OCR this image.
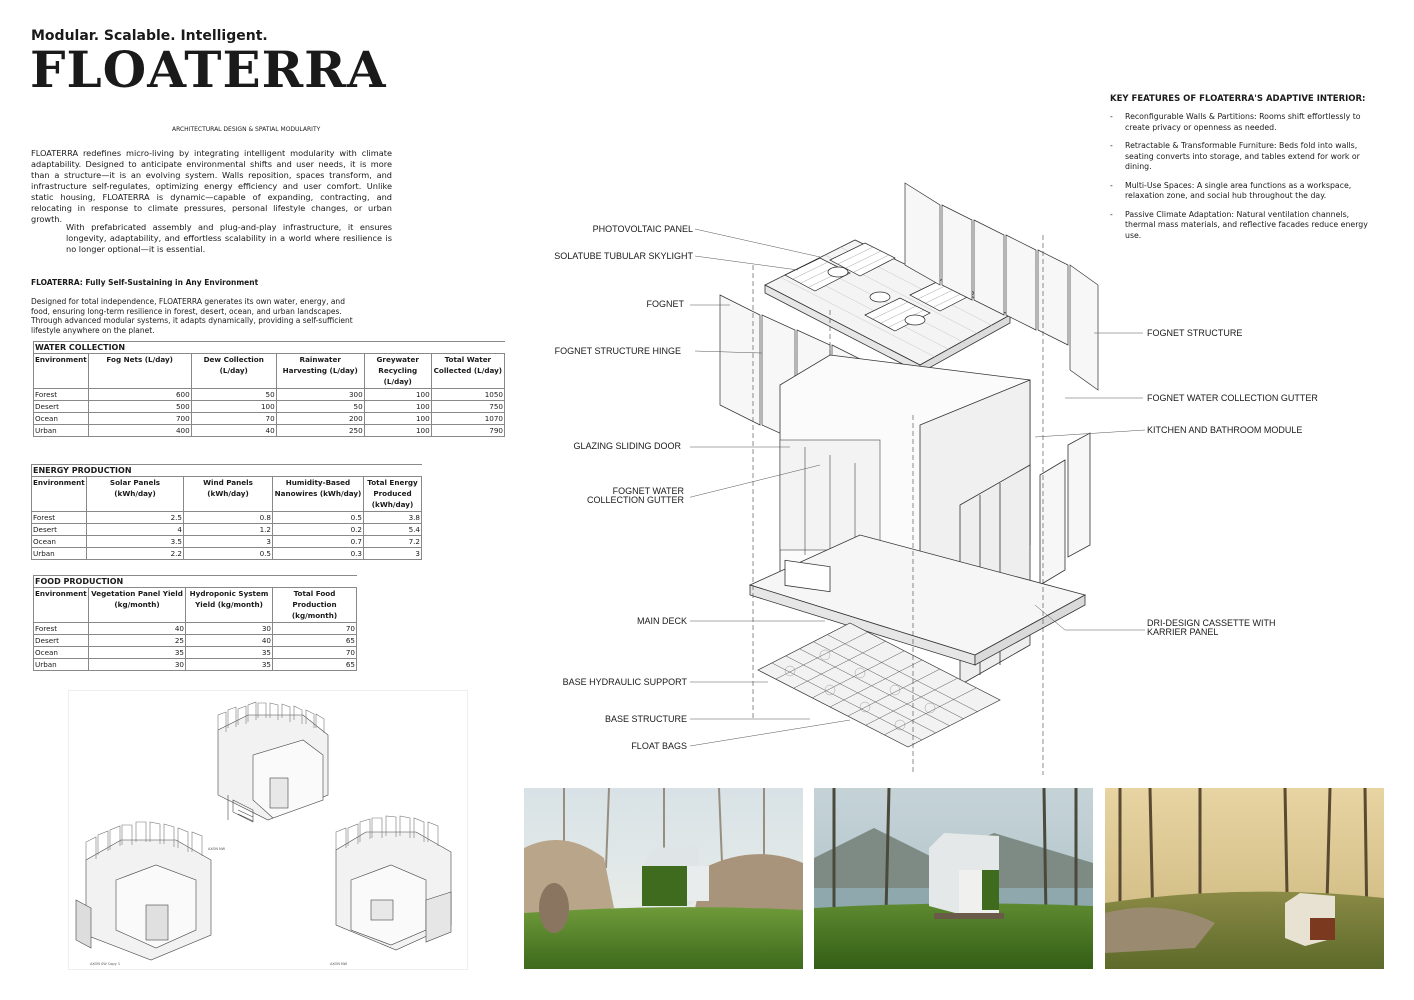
Modular. Scalable. Intelligent.
FLOATERRA
ARCHITECTURAL DESIGN & SPATIAL MODULARITY
FLOATERRA redefines micro-living by integrating intelligent modularity with climate adaptability. Designed to anticipate environmental shifts and user needs, it is more than a structure—it is an evolving system. Walls reposition, spaces transform, and infrastructure self-regulates, optimizing energy efficiency and user comfort. Unlike static housing, FLOATERRA is dynamic—capable of expanding, contracting, and relocating in response to climate pressures, personal lifestyle changes, or urban growth.
With prefabricated assembly and plug-and-play infrastructure, it ensures longevity, adaptability, and effortless scalability in a world where resilience is no longer optional—it is essential.
FLOATERRA: Fully Self-Sustaining in Any Environment
Designed for total independence, FLOATERRA generates its own water, energy, and food, ensuring long-term resilience in forest, desert, ocean, and urban landscapes. Through advanced modular systems, it adapts dynamically, providing a self-sufficient lifestyle anywhere on the planet.
WATER COLLECTION					
Environment	Fog Nets (L/day)	Dew Collection (L/day)	Rainwater Harvesting (L/day)	Greywater Recycling (L/day)	Total Water Collected (L/day)
Forest	600	50	300	100	1050
Desert	500	100	50	100	750
Ocean	700	70	200	100	1070
Urban	400	40	250	100	790
ENERGY PRODUCTION				
Environment	Solar Panels (kWh/day)	Wind Panels (kWh/day)	Humidity-Based Nanowires (kWh/day)	Total Energy Produced (kWh/day)
Forest	2.5	0.8	0.5	3.8
Desert	4	1.2	0.2	5.4
Ocean	3.5	3	0.7	7.2
Urban	2.2	0.5	0.3	3
FOOD PRODUCTION			
Environment	Vegetation Panel Yield (kg/month)	Hydroponic System Yield (kg/month)	Total Food Production (kg/month)
Forest	40	30	70
Desert	25	40	65
Ocean	35	35	70
Urban	30	35	65
AXON NW
AXON SW Copy 1	AXON NW
KEY FEATURES OF FLOATERRA'S ADAPTIVE INTERIOR:
- Reconfigurable Walls & Partitions: Rooms shift effortlessly to create privacy or openness as needed.
- Retractable & Transformable Furniture: Beds fold into walls, seating converts into storage, and tables extend for work or dining.
- Multi-Use Spaces: A single area functions as a workspace, relaxation zone, and social hub throughout the day.
- Passive Climate Adaptation: Natural ventilation channels, thermal mass materials, and reflective facades reduce energy use.
PHOTOVOLTAIC PANEL
SOLATUBE TUBULAR SKYLIGHT
FOGNET
FOGNET STRUCTURE HINGE
GLAZING SLIDING DOOR
FOGNET WATER
COLLECTION GUTTER
MAIN DECK
BASE HYDRAULIC SUPPORT
BASE STRUCTURE
FLOAT BAGS
FOGNET STRUCTURE
FOGNET WATER COLLECTION GUTTER
KITCHEN AND BATHROOM MODULE
DRI-DESIGN CASSETTE WITH
KARRIER PANEL
